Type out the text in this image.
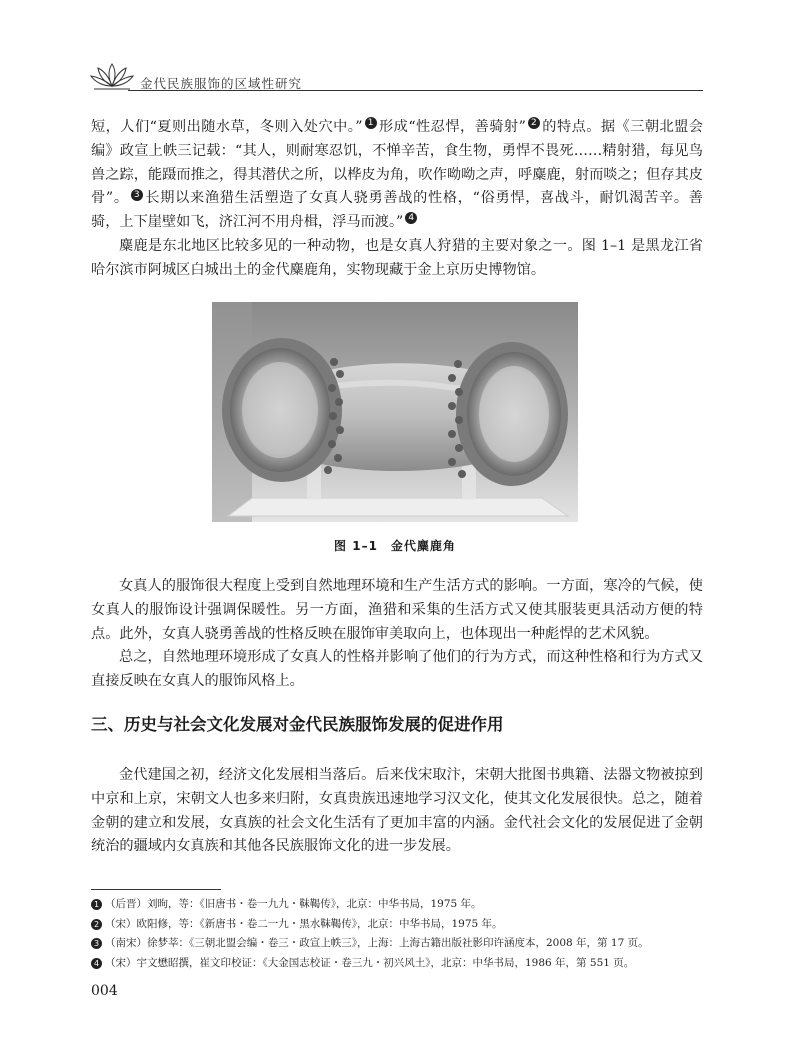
金代民族服饰的区域性研究

短，人们“夏则出随水草，冬则入处穴中。” 1 形成“性忍悍，善骑射” 2 的特点。据《三朝北盟会编》政宣上帙三记载：“其人，则耐寒忍饥，不惮辛苦，食生物，勇悍不畏死……精射猎，每见鸟兽之踪，能蹑而推之，得其潜伏之所，以桦皮为角，吹作呦呦之声，呼麋鹿，射而啖之；但存其皮骨”。 3 长期以来渔猎生活塑造了女真人骁勇善战的性格，“俗勇悍，喜战斗，耐饥渴苦辛。善骑，上下崖壁如飞，济江河不用舟楫，浮马而渡。” 4

麋鹿是东北地区比较多见的一种动物，也是女真人狩猎的主要对象之一。图 1–1 是黑龙江省哈尔滨市阿城区白城出土的金代麋鹿角，实物现藏于金上京历史博物馆。

图 1–1　金代麋鹿角

女真人的服饰很大程度上受到自然地理环境和生产生活方式的影响。一方面，寒冷的气候，使女真人的服饰设计强调保暖性。另一方面，渔猎和采集的生活方式又使其服装更具活动方便的特点。此外，女真人骁勇善战的性格反映在服饰审美取向上，也体现出一种彪悍的艺术风貌。

总之，自然地理环境形成了女真人的性格并影响了他们的行为方式，而这种性格和行为方式又直接反映在女真人的服饰风格上。

三、历史与社会文化发展对金代民族服饰发展的促进作用

金代建国之初，经济文化发展相当落后。后来伐宋取汴，宋朝大批图书典籍、法器文物被掠到中京和上京，宋朝文人也多来归附，女真贵族迅速地学习汉文化，使其文化发展很快。总之，随着金朝的建立和发展，女真族的社会文化生活有了更加丰富的内涵。金代社会文化的发展促进了金朝统治的疆域内女真族和其他各民族服饰文化的进一步发展。

1 （后晋）刘昫，等：《旧唐书・卷一九九・靺鞨传》，北京：中华书局，1975 年。
2 （宋）欧阳修，等：《新唐书・卷二一九・黑水靺鞨传》，北京：中华书局，1975 年。
3 （南宋）徐梦莘：《三朝北盟会编・卷三・政宣上帙三》，上海：上海古籍出版社影印许涵度本，2008 年，第 17 页。
4 （宋）宇文懋昭撰，崔文印校证：《大金国志校证・卷三九・初兴风土》，北京：中华书局，1986 年，第 551 页。
004
